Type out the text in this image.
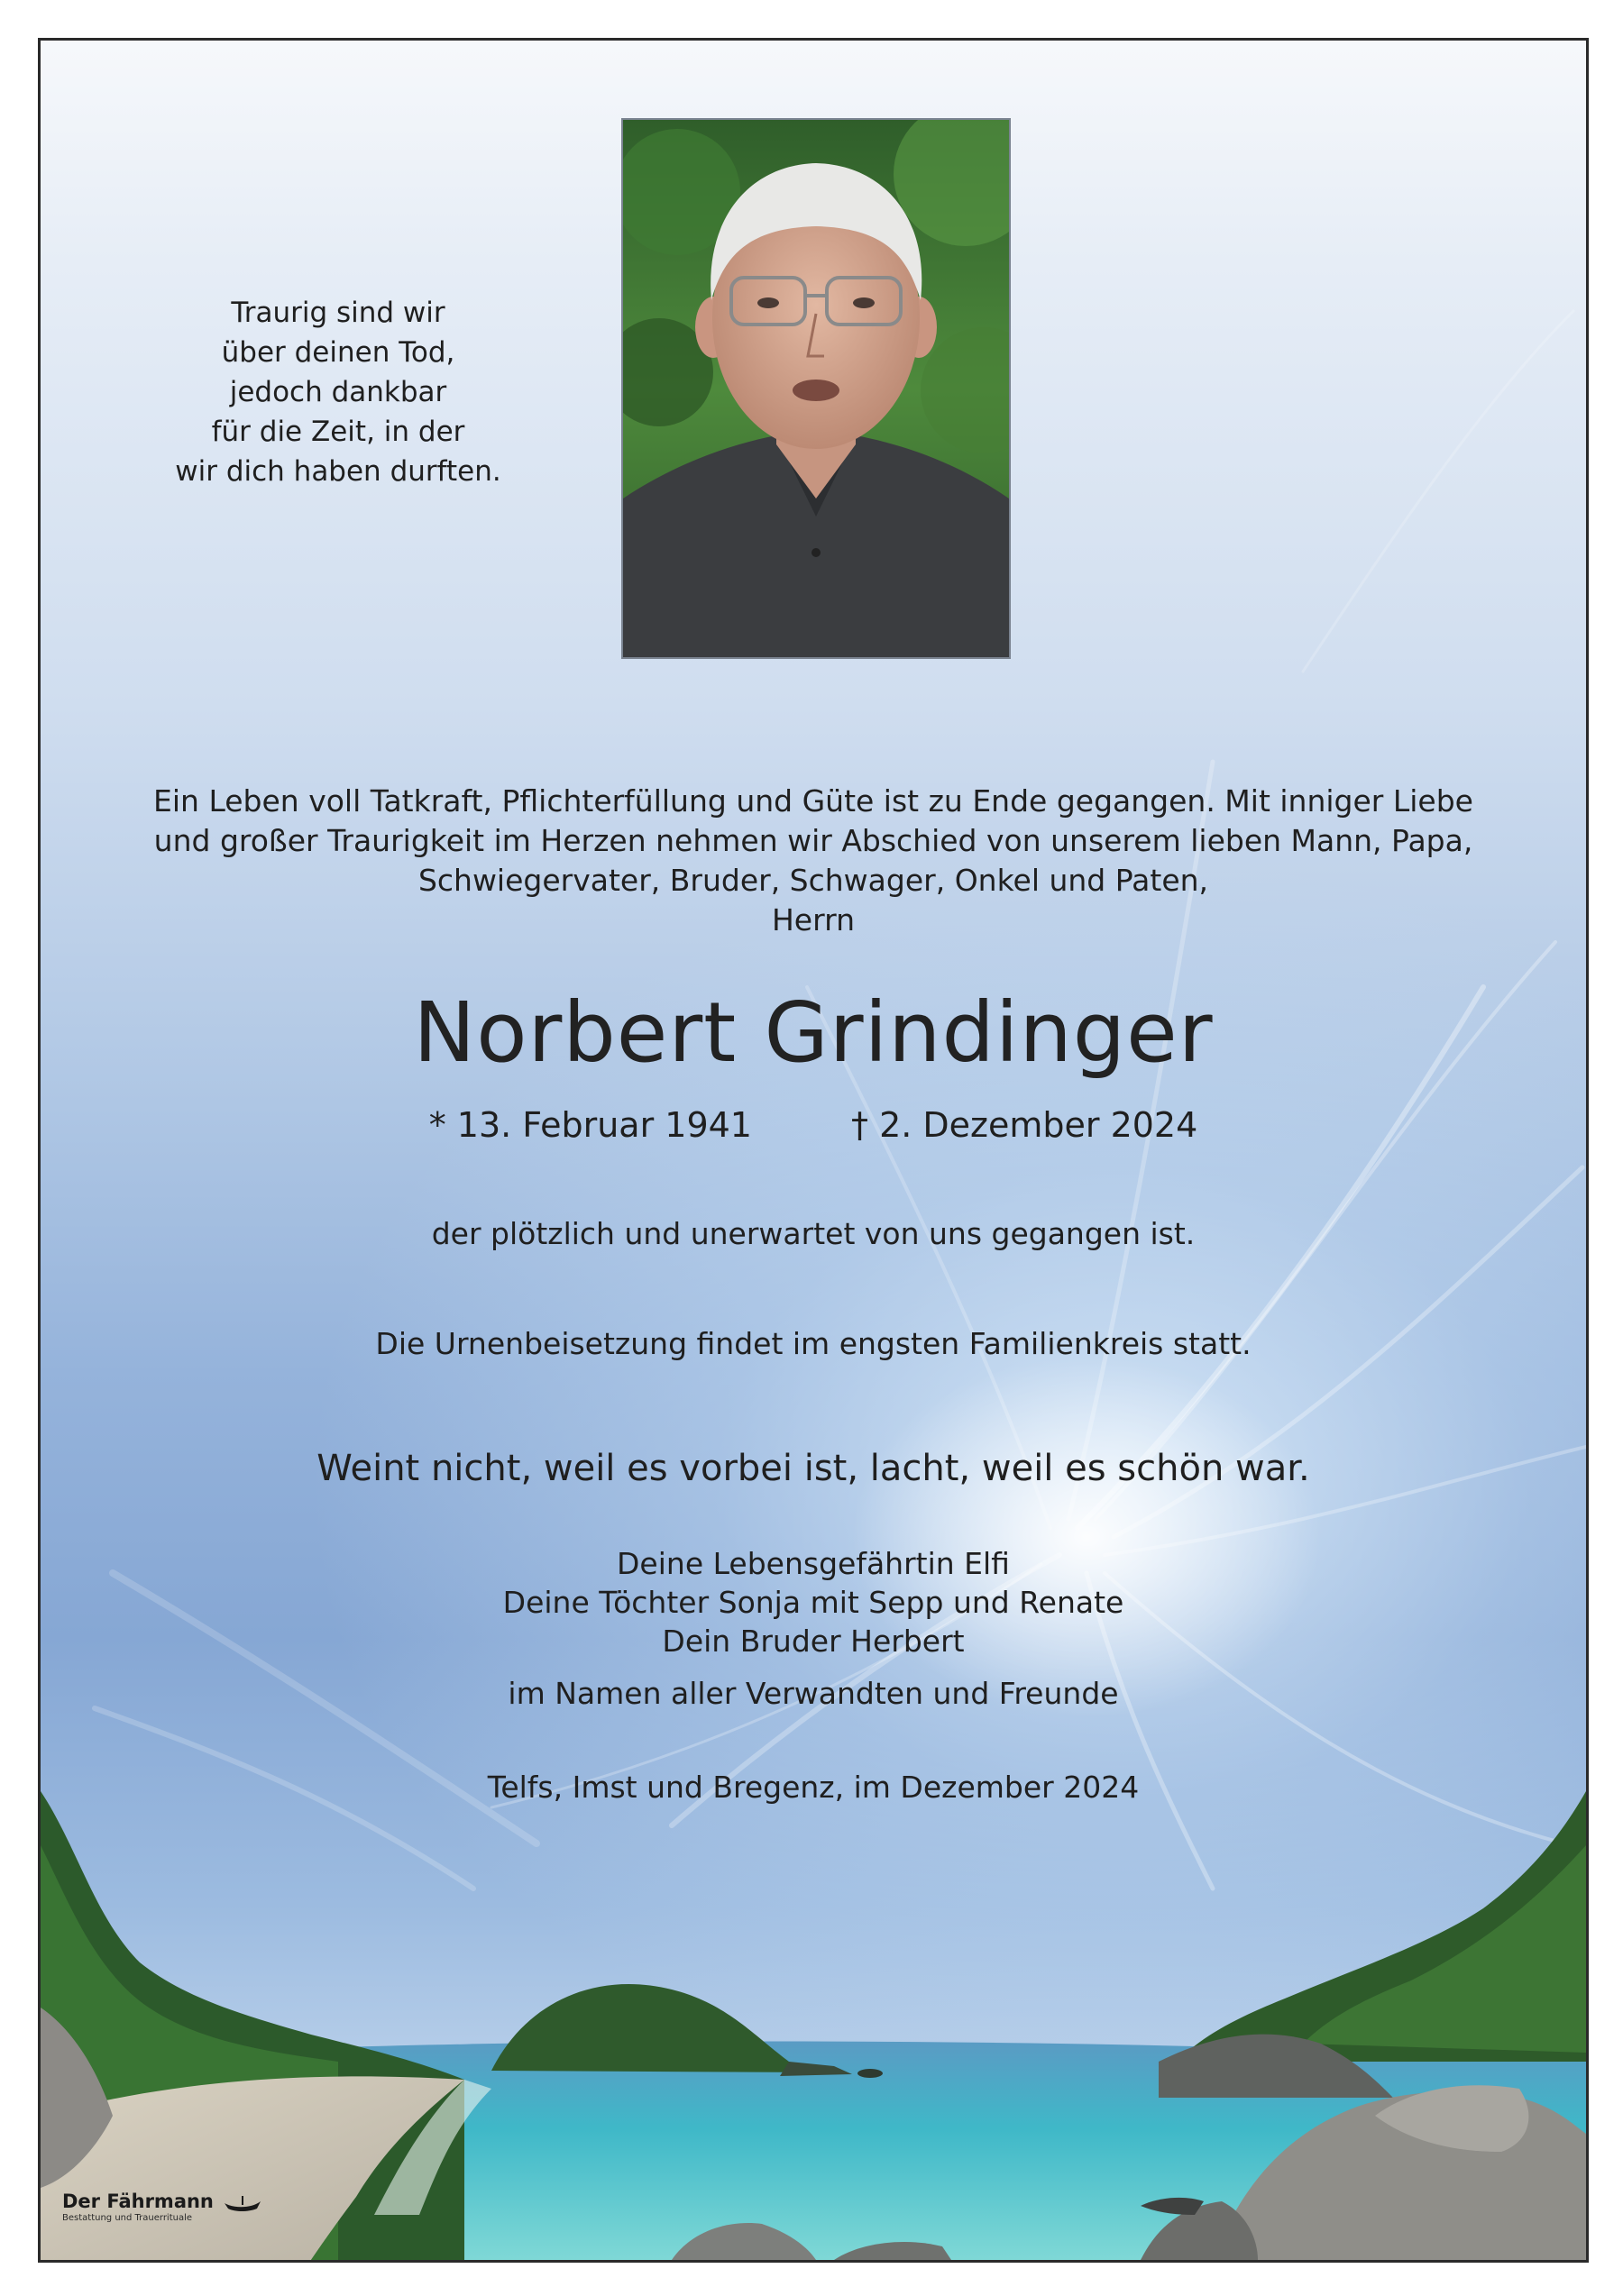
Traurig sind wir
über deinen Tod,
jedoch dankbar
für die Zeit, in der
wir dich haben durften.
Ein Leben voll Tatkraft, Pflichterfüllung und Güte ist zu Ende gegangen. Mit inniger Liebe
und großer Traurigkeit im Herzen nehmen wir Abschied von unserem lieben Mann, Papa,
Schwiegervater, Bruder, Schwager, Onkel und Paten,
Herrn
Norbert Grindinger
* 13. Februar 1941	† 2. Dezember 2024
der plötzlich und unerwartet von uns gegangen ist.
Die Urnenbeisetzung findet im engsten Familienkreis statt.
Weint nicht, weil es vorbei ist, lacht, weil es schön war.
Deine Lebensgefährtin Elfi
Deine Töchter Sonja mit Sepp und Renate
Dein Bruder Herbert
im Namen aller Verwandten und Freunde
Telfs, Imst und Bregenz, im Dezember 2024
Der Fährmann
Bestattung und Trauerrituale
